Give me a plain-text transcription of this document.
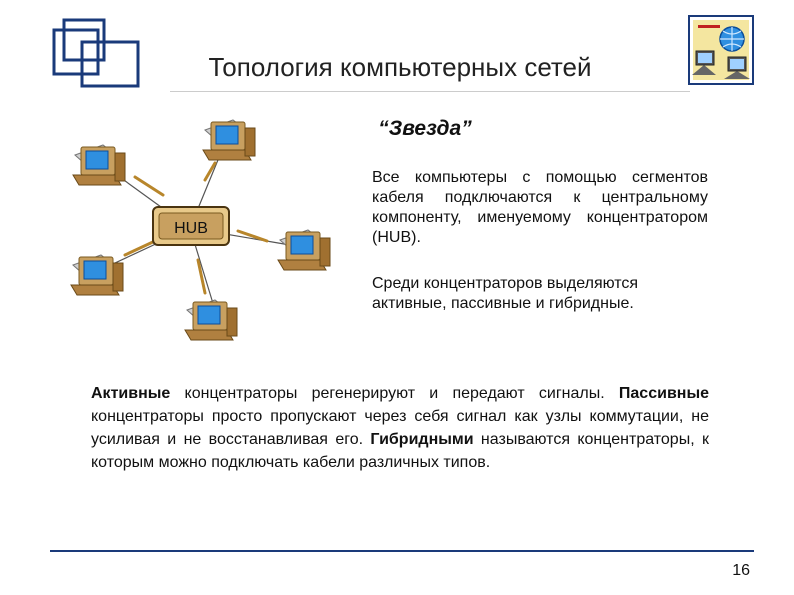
Топология компьютерных сетей
“Звезда”
Все компьютеры с помощью сегментов кабеля подключаются к центральному компоненту, именуемому концентратором (HUB).
Среди концентраторов выделяются активные, пассивные и гибридные.
HUB
Активные концентраторы регенерируют и передают сигналы. Пассивные концентраторы просто пропускают через себя сигнал как узлы коммутации, не усиливая и не восстанавливая его. Гибридными называются концентраторы, к которым можно подключать кабели различных типов.
16
